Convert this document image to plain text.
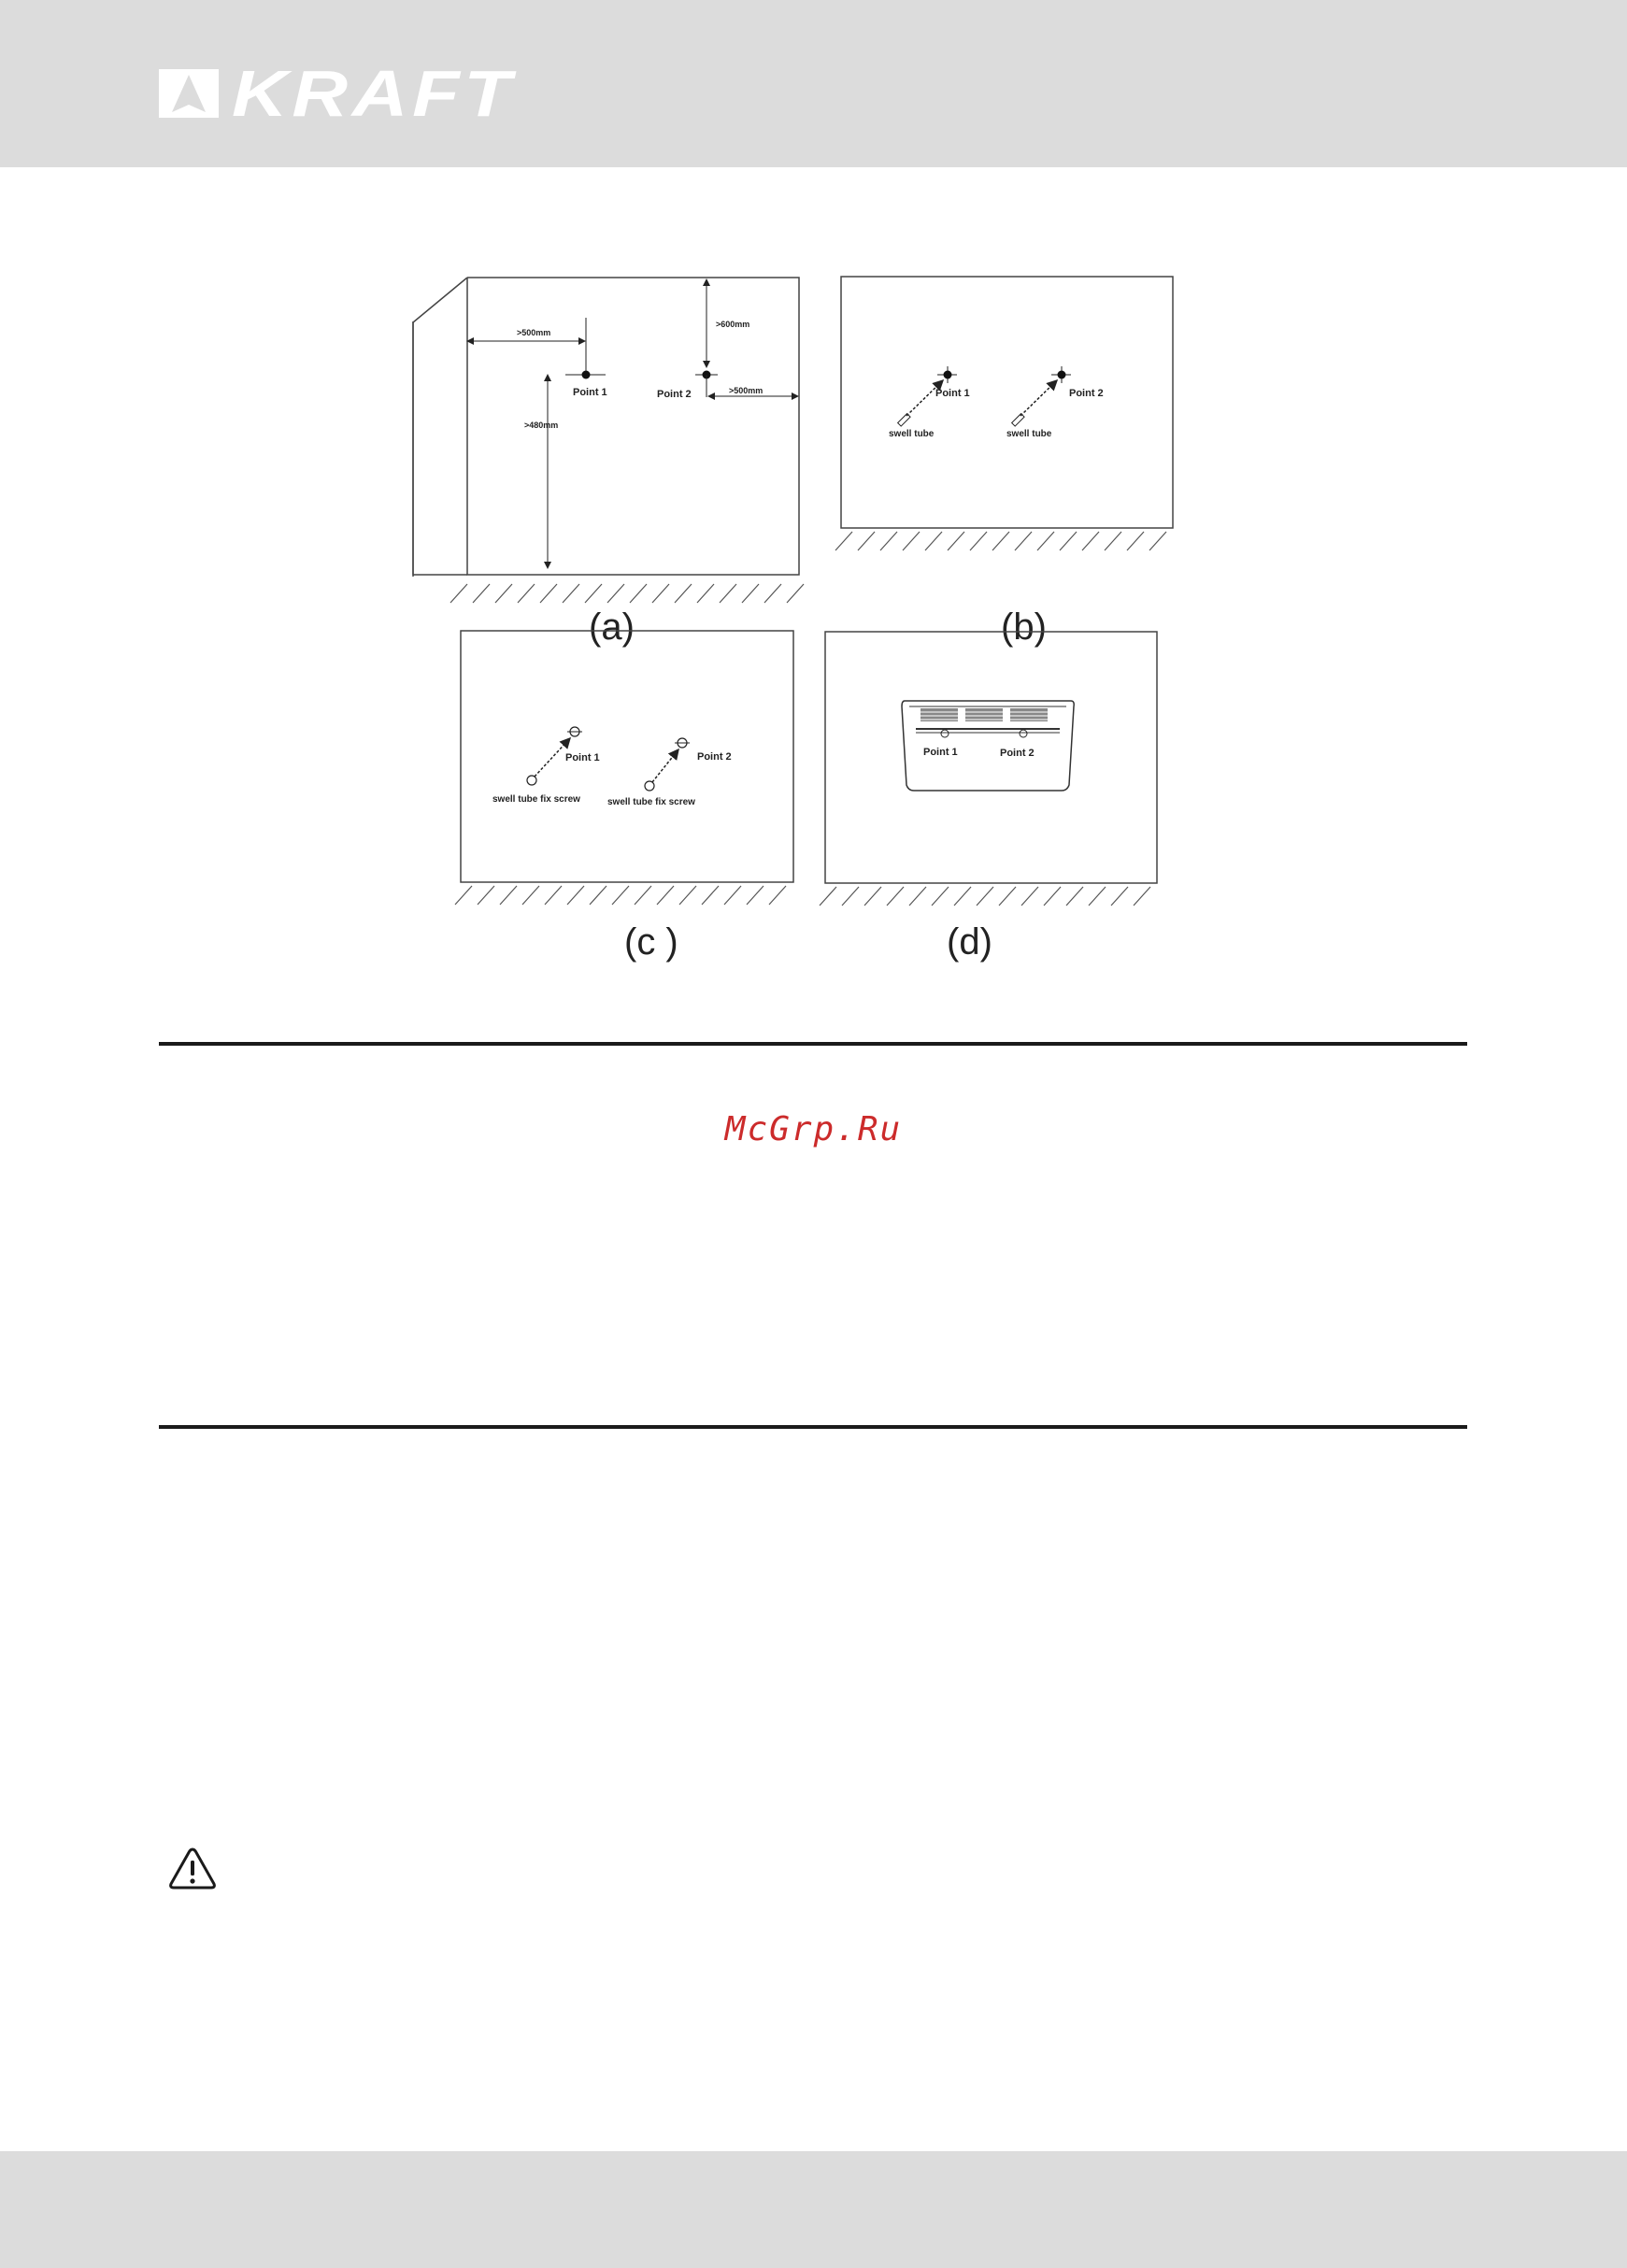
KRAFT
>500mm
>600mm
>500mm
>480mm
Point 1	Point 2
(a)
Point 1	Point 2
swell tube	swell tube
(b)
Point 1	Point 2
swell tube fix screw	swell tube fix screw
(c )
Point 1	Point 2
(d)
McGrp.Ru
